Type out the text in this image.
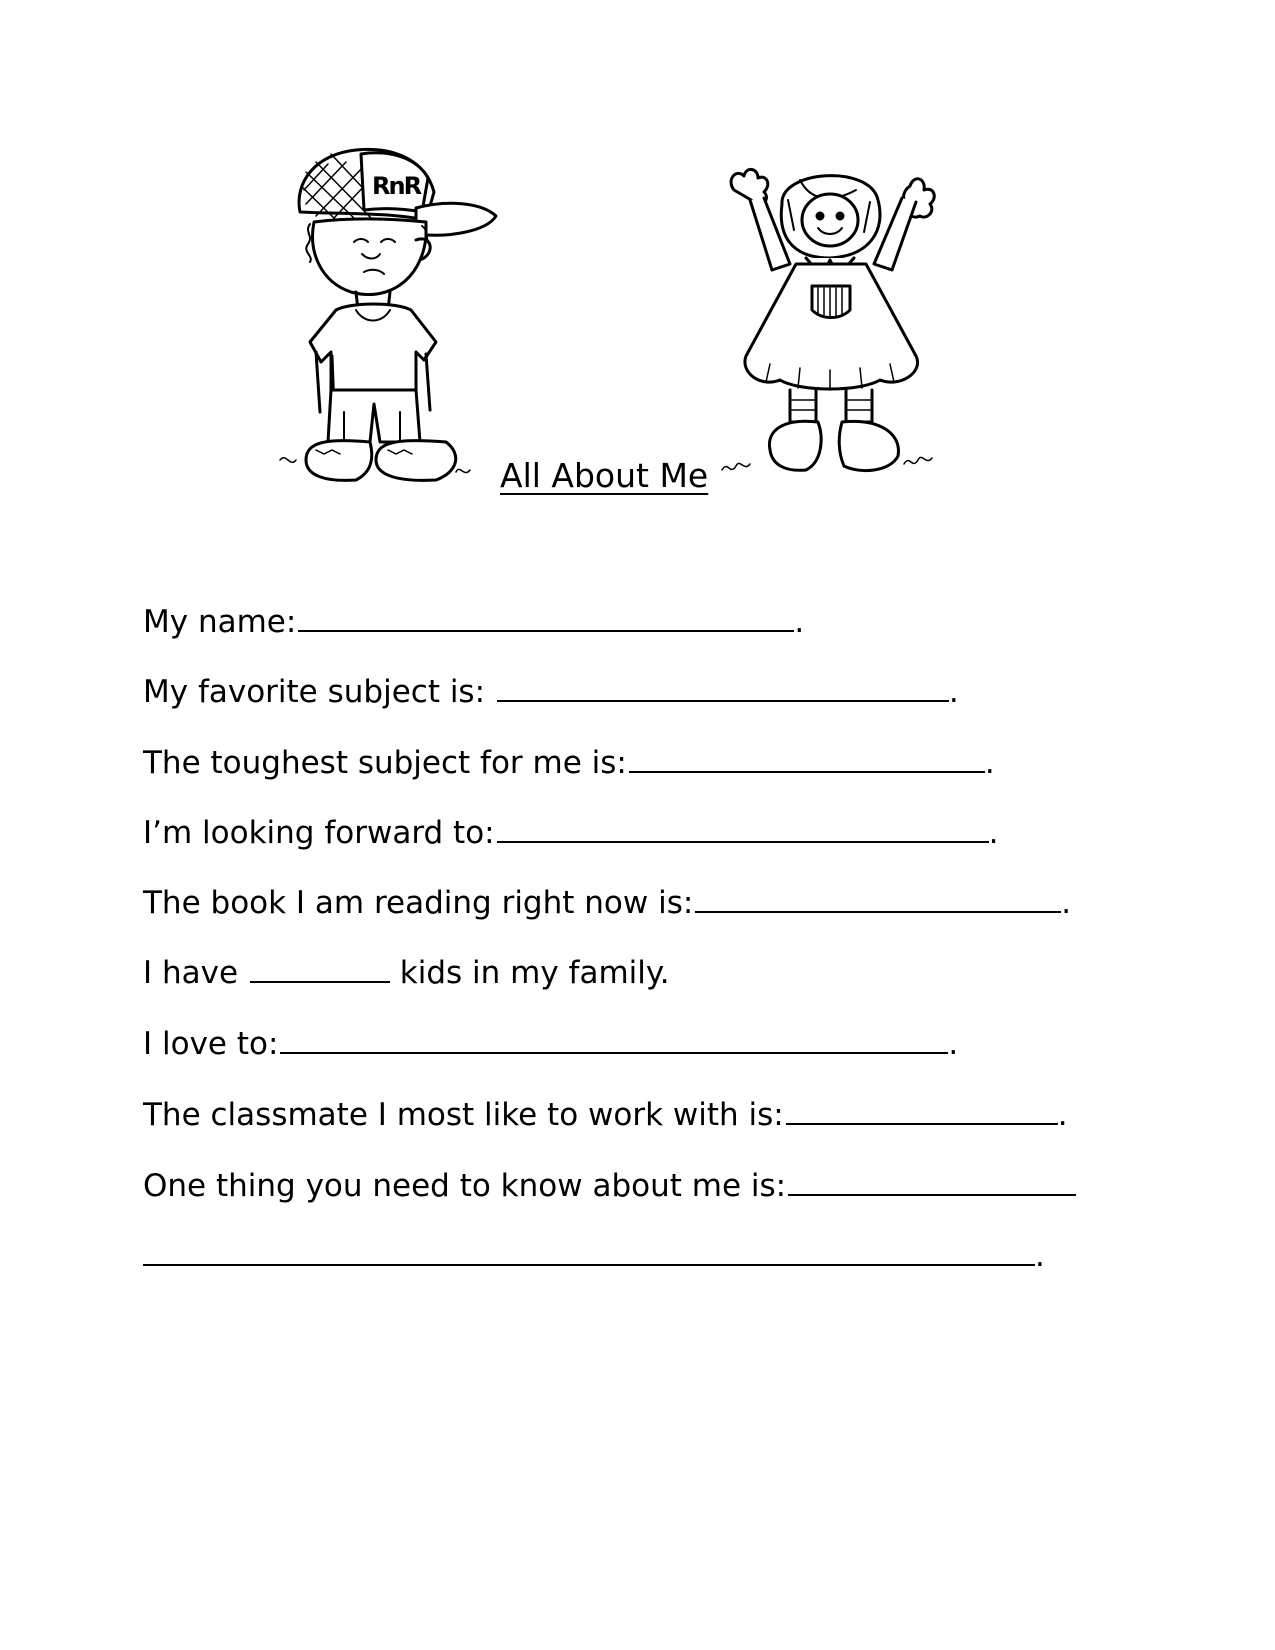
RnR
All About Me
My name:	.
My favorite subject is:	.
The toughest subject for me is:	.
I’m looking forward to:	.
The book I am reading right now is:	.
I have	kids in my family.
I love to:	.
The classmate I most like to work with is:	.
One thing you need to know about me is:
.
